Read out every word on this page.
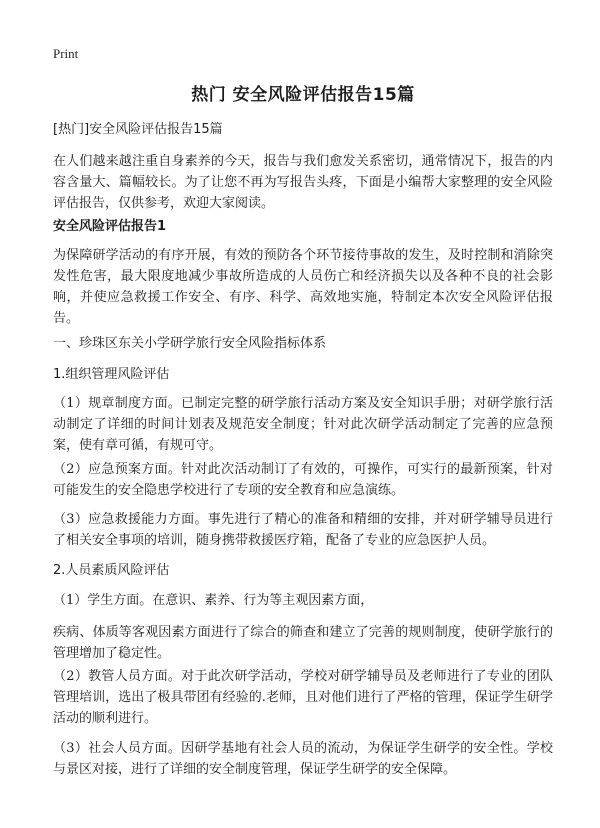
Print
热门 安全风险评估报告15篇
[热门]安全风险评估报告15篇
在人们越来越注重自身素养的今天，报告与我们愈发关系密切，通常情况下，报告的内容含量大、篇幅较长。为了让您不再为写报告头疼，下面是小编帮大家整理的安全风险评估报告，仅供参考，欢迎大家阅读。
安全风险评估报告1
为保障研学活动的有序开展，有效的预防各个环节接待事故的发生，及时控制和消除突发性危害，最大限度地减少事故所造成的人员伤亡和经济损失以及各种不良的社会影响，并使应急救援工作安全、有序、科学、高效地实施，特制定本次安全风险评估报告。
一、珍珠区东关小学研学旅行安全风险指标体系
1.组织管理风险评估
（1）规章制度方面。已制定完整的研学旅行活动方案及安全知识手册；对研学旅行活动制定了详细的时间计划表及规范安全制度；针对此次研学活动制定了完善的应急预案，使有章可循，有规可守。
（2）应急预案方面。针对此次活动制订了有效的，可操作，可实行的最新预案，针对可能发生的安全隐患学校进行了专项的安全教育和应急演练。
（3）应急救援能力方面。事先进行了精心的准备和精细的安排，并对研学辅导员进行了相关安全事项的培训，随身携带救援医疗箱，配备了专业的应急医护人员。
2.人员素质风险评估
（1）学生方面。在意识、素养、行为等主观因素方面，
疾病、体质等客观因素方面进行了综合的筛查和建立了完善的规则制度，使研学旅行的管理增加了稳定性。
（2）教管人员方面。对于此次研学活动，学校对研学辅导员及老师进行了专业的团队管理培训，选出了极具带团有经验的.老师，且对他们进行了严格的管理，保证学生研学活动的顺利进行。
（3）社会人员方面。因研学基地有社会人员的流动，为保证学生研学的安全性。学校与景区对接，进行了详细的安全制度管理，保证学生研学的安全保障。
